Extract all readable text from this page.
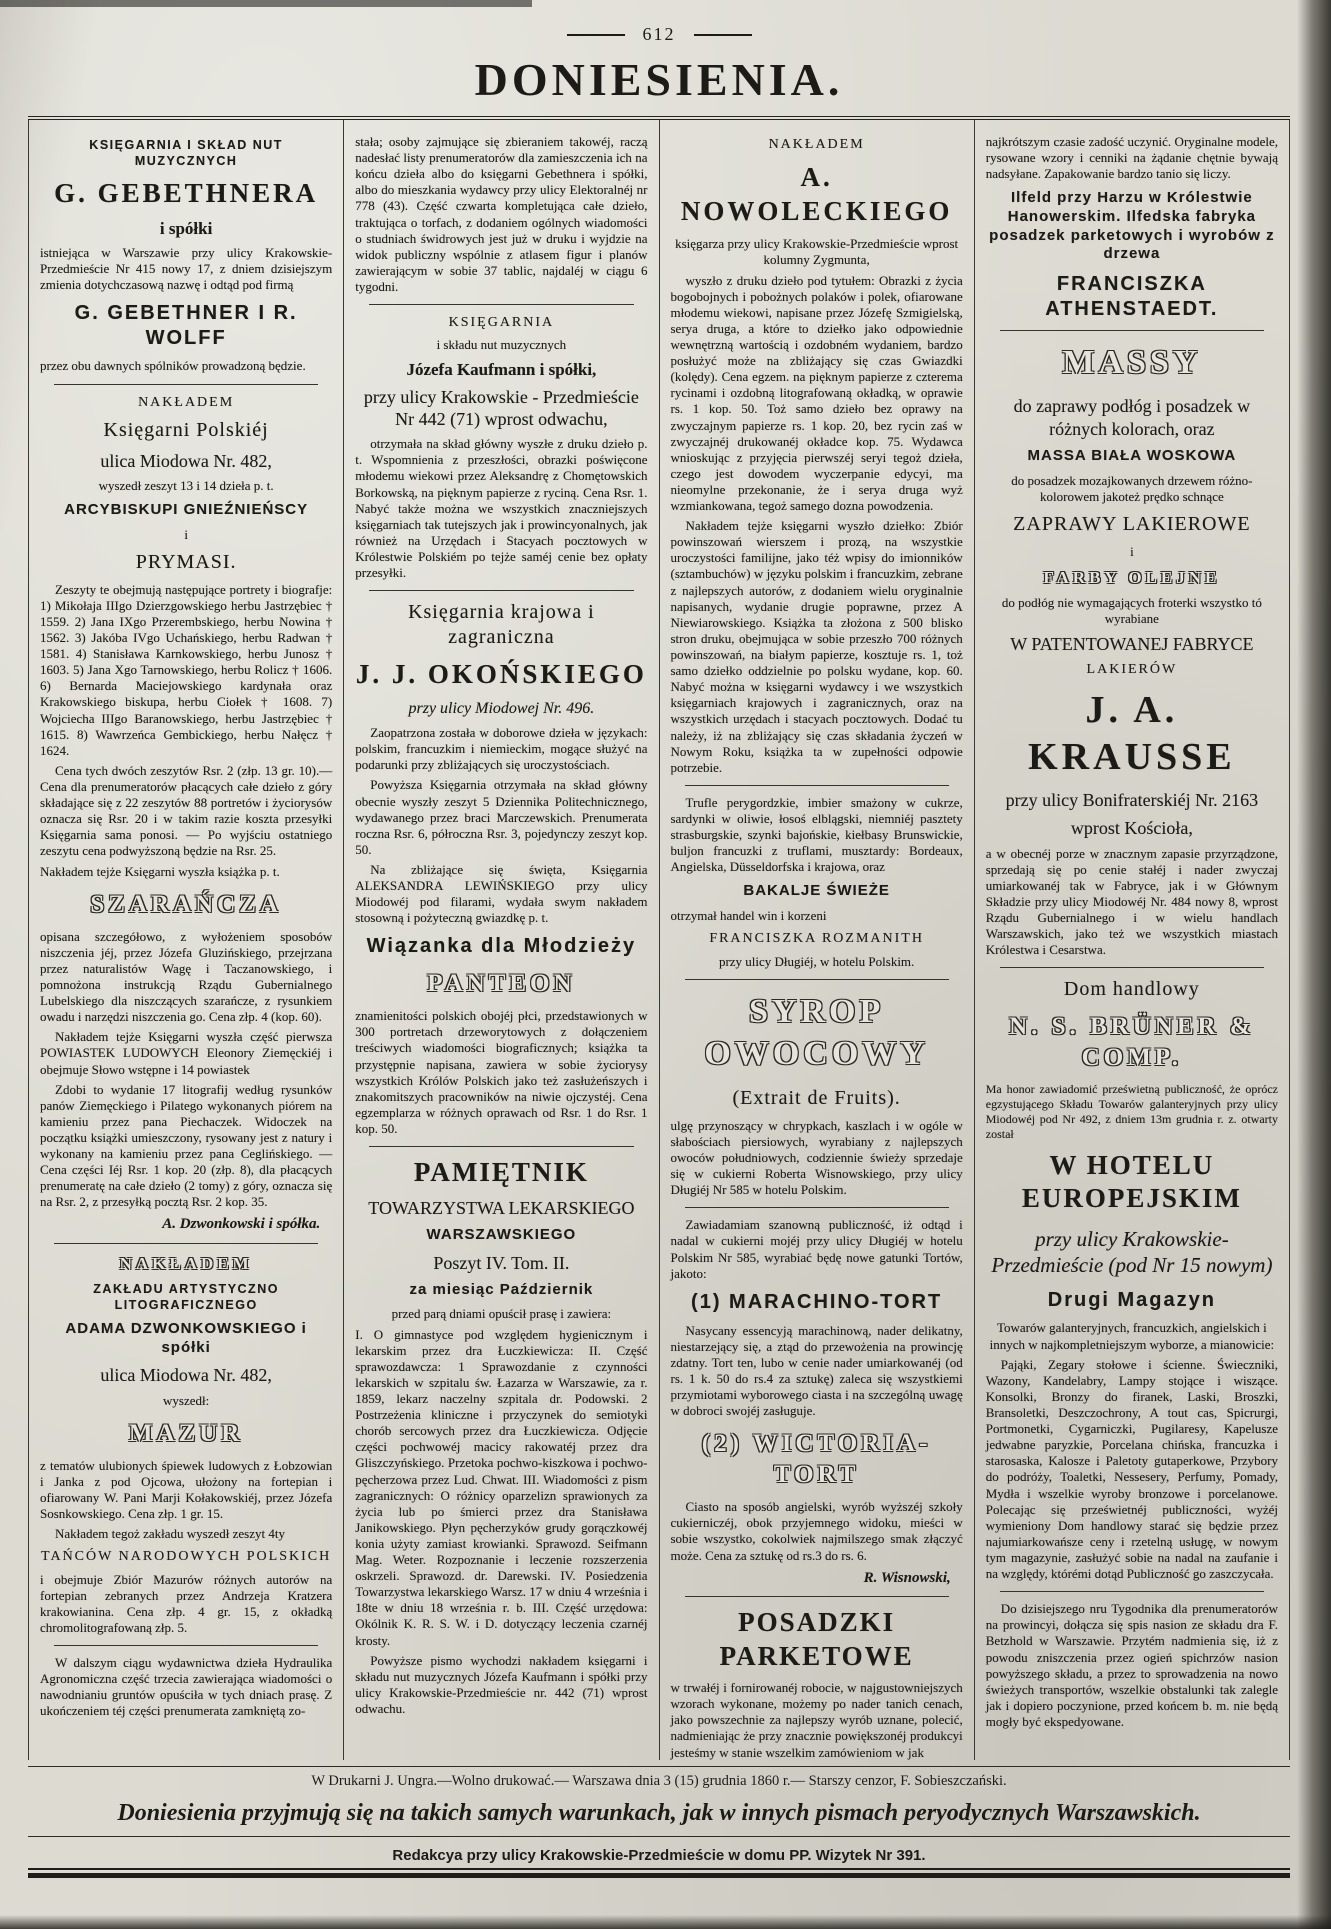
612
DONIESIENIA.
KSIĘGARNIA I SKŁAD NUT MUZYCZNYCH
G. GEBETHNERA
i spółki
istniejąca w Warszawie przy ulicy Krakowskie-Przedmieście Nr 415 nowy 17, z dniem dzisiejszym zmienia dotychczasową nazwę i odtąd pod firmą
G. GEBETHNER I R. WOLFF
przez obu dawnych spólników prowadzoną będzie.
NAKŁADEM
Księgarni Polskiéj
ulica Miodowa Nr. 482,
wyszedł zeszyt 13 i 14 dzieła p. t.
ARCYBISKUPI GNIEŹNIEŃSCY
i
PRYMASI.
Zeszyty te obejmują następujące portrety i biografje: 1) Mikołaja IIIgo Dzierzgowskiego herbu Jastrzębiec † 1559. 2) Jana IXgo Przerembskiego, herbu Nowina † 1562. 3) Jakóba IVgo Uchańskiego, herbu Radwan † 1581. 4) Stanisława Karnkowskiego, herbu Junosz † 1603. 5) Jana Xgo Tarnowskiego, herbu Rolicz † 1606. 6) Bernarda Maciejowskiego kardynała oraz Krakowskiego biskupa, herbu Ciołek † 1608. 7) Wojciecha IIIgo Baranowskiego, herbu Jastrzębiec † 1615. 8) Wawrzeńca Gembickiego, herbu Nałęcz † 1624.
Cena tych dwóch zeszytów Rsr. 2 (złp. 13 gr. 10).—Cena dla prenumeratorów płacących całe dzieło z góry składające się z 22 zeszytów 88 portretów i życiorysów oznacza się Rsr. 20 i w takim razie koszta przesyłki Księgarnia sama ponosi. — Po wyjściu ostatniego zeszytu cena podwyższoną będzie na Rsr. 25.
Nakładem tejże Księgarni wyszła książka p. t.
SZARAŃCZA
opisana szczegółowo, z wyłożeniem sposobów niszczenia jéj, przez Józefa Gluzińskiego, przejrzana przez naturalistów Wagę i Taczanowskiego, i pomnożona instrukcją Rządu Gubernialnego Lubelskiego dla niszczących szarańcze, z rysunkiem owadu i narzędzi niszczenia go. Cena złp. 4 (kop. 60).
Nakładem tejże Księgarni wyszła część pierwsza POWIASTEK LUDOWYCH Eleonory Ziemęckiéj i obejmuje Słowo wstępne i 14 powiastek
Zdobi to wydanie 17 litografij według rysunków panów Ziemęckiego i Pilatego wykonanych piórem na kamieniu przez pana Piechaczek. Widoczek na początku książki umieszczony, rysowany jest z natury i wykonany na kamieniu przez pana Ceglińskiego. — Cena części Iéj Rsr. 1 kop. 20 (złp. 8), dla płacących prenumeratę na całe dzieło (2 tomy) z góry, oznacza się na Rsr. 2, z przesyłką pocztą Rsr. 2 kop. 35.
A. Dzwonkowski i spółka.
NAKŁADEM
ZAKŁADU ARTYSTYCZNO LITOGRAFICZNEGO
ADAMA DZWONKOWSKIEGO i spółki
ulica Miodowa Nr. 482,
wyszedł:
MAZUR
z tematów ulubionych śpiewek ludowych z Łobzowian i Janka z pod Ojcowa, ułożony na fortepian i ofiarowany W. Pani Marji Kołakowskiéj, przez Józefa Sosnkowskiego. Cena złp. 1 gr. 15.
Nakładem tegoż zakładu wyszedł zeszyt 4ty
TAŃCÓW NARODOWYCH POLSKICH
i obejmuje Zbiór Mazurów różnych autorów na fortepian zebranych przez Andrzeja Kratzera krakowianina. Cena złp. 4 gr. 15, z okładką chromolitografowaną złp. 5.
W dalszym ciągu wydawnictwa dzieła Hydraulika Agronomiczna część trzecia zawierająca wiadomości o nawodnianiu gruntów opuściła w tych dniach prasę. Z ukończeniem téj części prenumerata zamkniętą zo-
stała; osoby zajmujące się zbieraniem takowéj, raczą nadesłać listy prenumeratorów dla zamieszczenia ich na końcu dzieła albo do księgarni Gebethnera i spółki, albo do mieszkania wydawcy przy ulicy Elektoralnéj nr 778 (43). Część czwarta kompletująca całe dzieło, traktująca o torfach, z dodaniem ogólnych wiadomości o studniach świdrowych jest już w druku i wyjdzie na widok publiczny wspólnie z atlasem figur i planów zawierającym w sobie 37 tablic, najdaléj w ciągu 6 tygodni.
KSIĘGARNIA
i składu nut muzycznych
Józefa Kaufmann i spółki,
przy ulicy Krakowskie - Przedmieście Nr 442 (71) wprost odwachu,
otrzymała na skład główny wyszłe z druku dzieło p. t. Wspomnienia z przeszłości, obrazki poświęcone młodemu wiekowi przez Aleksandrę z Chomętowskich Borkowską, na pięknym papierze z ryciną. Cena Rsr. 1. Nabyć także można we wszystkich znaczniejszych księgarniach tak tutejszych jak i prowincyonalnych, jak również na Urzędach i Stacyach pocztowych w Królestwie Polskiém po tejże saméj cenie bez opłaty przesyłki.
Księgarnia krajowa i zagraniczna
J. J. OKOŃSKIEGO
przy ulicy Miodowej Nr. 496.
Zaopatrzona została w doborowe dzieła w językach: polskim, francuzkim i niemieckim, mogące służyć na podarunki przy zbliżających się uroczystościach.
Powyższa Księgarnia otrzymała na skład główny obecnie wyszły zeszyt 5 Dziennika Politechnicznego, wydawanego przez braci Marczewskich. Prenumerata roczna Rsr. 6, półroczna Rsr. 3, pojedynczy zeszyt kop. 50.
Na zbliżające się święta, Księgarnia ALEKSANDRA LEWIŃSKIEGO przy ulicy Miodowéj pod filarami, wydała swym nakładem stosowną i pożyteczną gwiazdkę p. t.
Wiązanka dla Młodzieży
PANTEON
znamienitości polskich obojéj płci, przedstawionych w 300 portretach drzeworytowych z dołączeniem treściwych wiadomości biograficznych; książka ta przystępnie napisana, zawiera w sobie życiorysy wszystkich Królów Polskich jako też zasłużeńszych i znakomitszych pracowników na niwie ojczystéj. Cena egzemplarza w różnych oprawach od Rsr. 1 do Rsr. 1 kop. 50.
PAMIĘTNIK
TOWARZYSTWA LEKARSKIEGO
WARSZAWSKIEGO
Poszyt IV. Tom. II.
za miesiąc Październik
przed parą dniami opuścił prasę i zawiera:
I. O gimnastyce pod względem hygienicznym i lekarskim przez dra Łuczkiewicza: II. Część sprawozdawcza: 1 Sprawozdanie z czynności lekarskich w szpitalu św. Łazarza w Warszawie, za r. 1859, lekarz naczelny szpitala dr. Podowski. 2 Postrzeżenia kliniczne i przyczynek do semiotyki chorób sercowych przez dra Łuczkiewicza. Odjęcie części pochwowéj macicy rakowatéj przez dra Gliszczyńskiego. Przetoka pochwo-kiszkowa i pochwo-pęcherzowa przez Lud. Chwat. III. Wiadomości z pism zagranicznych: O różnicy oparzelizn sprawionych za życia lub po śmierci przez dra Stanisława Janikowskiego. Płyn pęcherzyków grudy gorączkowéj konia użyty zamiast krowianki. Sprawozd. Seifmann Mag. Weter. Rozpoznanie i leczenie rozszerzenia oskrzeli. Sprawozd. dr. Darewski. IV. Posiedzenia Towarzystwa lekarskiego Warsz. 17 w dniu 4 września i 18te w dniu 18 września r. b. III. Część urzędowa: Okólnik K. R. S. W. i D. dotyczący leczenia czarnéj krosty.
Powyższe pismo wychodzi nakładem księgarni i składu nut muzycznych Józefa Kaufmann i spółki przy ulicy Krakowskie-Przedmieście nr. 442 (71) wprost odwachu.
NAKŁADEM
A. NOWOLECKIEGO
księgarza przy ulicy Krakowskie-Przedmieście wprost kolumny Zygmunta,
wyszło z druku dzieło pod tytułem: Obrazki z życia bogobojnych i pobożnych polaków i polek, ofiarowane młodemu wiekowi, napisane przez Józefę Szmigielską, serya druga, a które to dziełko jako odpowiednie wewnętrzną wartością i ozdobném wydaniem, bardzo posłużyć może na zbliżający się czas Gwiazdki (kolędy). Cena egzem. na pięknym papierze z czterema rycinami i ozdobną litografowaną okładką, w oprawie rs. 1 kop. 50. Toż samo dzieło bez oprawy na zwyczajnym papierze rs. 1 kop. 20, bez rycin zaś w zwyczajnéj drukowanéj okładce kop. 75. Wydawca wnioskując z przyjęcia pierwszéj seryi tegoż dzieła, czego jest dowodem wyczerpanie edycyi, ma nieomylne przekonanie, że i serya druga wyż wzmiankowana, tegoż samego dozna powodzenia.
Nakładem tejże księgarni wyszło dziełko: Zbiór powinszowań wierszem i prozą, na wszystkie uroczystości familijne, jako téż wpisy do imionników (sztambuchów) w języku polskim i francuzkim, zebrane z najlepszych autorów, z dodaniem wielu oryginalnie napisanych, wydanie drugie poprawne, przez A Niewiarowskiego. Książka ta złożona z 500 blisko stron druku, obejmująca w sobie przeszło 700 różnych powinszowań, na białym papierze, kosztuje rs. 1, toż samo dziełko oddzielnie po polsku wydane, kop. 60. Nabyć można w księgarni wydawcy i we wszystkich księgarniach krajowych i zagranicznych, oraz na wszystkich urzędach i stacyach pocztowych. Dodać tu należy, iż na zbliżający się czas składania życzeń w Nowym Roku, książka ta w zupełności odpowie potrzebie.
Trufle perygordzkie, imbier smażony w cukrze, sardynki w oliwie, łosoś elblągski, niemniéj pasztety strasburgskie, szynki bajońskie, kiełbasy Brunswickie, buljon francuzki z truflami, musztardy: Bordeaux, Angielska, Düsseldorfska i krajowa, oraz
BAKALJE ŚWIEŻE
otrzymał handel win i korzeni
FRANCISZKA ROZMANITH
przy ulicy Długiéj, w hotelu Polskim.
SYROP OWOCOWY
(Extrait de Fruits).
ulgę przynoszący w chrypkach, kaszlach i w ogóle w słabościach piersiowych, wyrabiany z najlepszych owoców południowych, codziennie świeży sprzedaje się w cukierni Roberta Wisnowskiego, przy ulicy Długiéj Nr 585 w hotelu Polskim.
Zawiadamiam szanowną publiczność, iż odtąd i nadal w cukierni mojéj przy ulicy Długiéj w hotelu Polskim Nr 585, wyrabiać będę nowe gatunki Tortów, jakoto:
(1) MARACHINO-TORT
Nasycany essencyją marachinową, nader delikatny, niestarzejący się, a ztąd do przewożenia na prowincję zdatny. Tort ten, lubo w cenie nader umiarkowanéj (od rs. 1 k. 50 do rs.4 za sztukę) zaleca się wszystkiemi przymiotami wyborowego ciasta i na szczególną uwagę w dobroci swojéj zasługuje.
(2) WICTORIA-TORT
Ciasto na sposób angielski, wyrób wyższéj szkoły cukierniczéj, obok przyjemnego widoku, mieści w sobie wszystko, cokolwiek najmilszego smak złączyć może. Cena za sztukę od rs.3 do rs. 6.
R. Wisnowski,
POSADZKI PARKETOWE
w trwałéj i fornirowanéj robocie, w najgustowniejszych wzorach wykonane, możemy po nader tanich cenach, jako powszechnie za najlepszy wyrób uznane, polecić, nadmieniając że przy znacznie powiększonéj produkcyi jesteśmy w stanie wszelkim zamówieniom w jak
najkrótszym czasie zadość uczynić. Oryginalne modele, rysowane wzory i cenniki na żądanie chętnie bywają nadsyłane. Zapakowanie bardzo tanio się liczy.
Ilfeld przy Harzu w Królestwie Hanowerskim. Ilfedska fabryka posadzek parketowych i wyrobów z drzewa
FRANCISZKA ATHENSTAEDT.
MASSY
do zaprawy podłóg i posadzek w różnych kolorach, oraz
MASSA BIAŁA WOSKOWA
do posadzek mozajkowanych drzewem różno-kolorowem jakoteż prędko schnące
ZAPRAWY LAKIEROWE
i
FARBY OLEJNE
do podłóg nie wymagających froterki wszystko tó wyrabiane
W PATENTOWANEJ FABRYCE
LAKIERÓW
J. A. KRAUSSE
przy ulicy Bonifraterskiéj Nr. 2163
wprost Kościoła,
a w obecnéj porze w znacznym zapasie przyrządzone, sprzedają się po cenie stałéj i nader zwyczaj umiarkowanéj tak w Fabryce, jak i w Głównym Składzie przy ulicy Miodowéj Nr. 484 nowy 8, wprost Rządu Gubernialnego i w wielu handlach Warszawskich, jako też we wszystkich miastach Królestwa i Cesarstwa.
Dom handlowy
N. S. BRÜNER & COMP.
Ma honor zawiadomić prześwietną publiczność, że oprócz egzystującego Składu Towarów galanteryjnych przy ulicy Miodowéj pod Nr 492, z dniem 13m grudnia r. z. otwarty został
W HOTELU EUROPEJSKIM
przy ulicy Krakowskie-Przedmieście (pod Nr 15 nowym)
Drugi Magazyn
Towarów galanteryjnych, francuzkich, angielskich i innych w najkompletniejszym wyborze, a mianowicie:
Pająki, Zegary stołowe i ścienne. Świeczniki, Wazony, Kandelabry, Lampy stojące i wiszące. Konsolki, Bronzy do firanek, Laski, Broszki, Bransoletki, Deszczochrony, A tout cas, Spicrurgi, Portmonetki, Cygarniczki, Pugilaresy, Kapelusze jedwabne paryzkie, Porcelana chińska, francuzka i starosaska, Kalosze i Paletoty gutaperkowe, Przybory do podróży, Toaletki, Nessesery, Perfumy, Pomady, Mydła i wszelkie wyroby bronzowe i porcelanowe. Polecając się prześwietnéj publiczności, wyżéj wymieniony Dom handlowy starać się będzie przez najumiarkowańsze ceny i rzetelną usługę, w nowym tym magazynie, zasłużyć sobie na nadal na zaufanie i na względy, którémi dotąd Publiczność go zaszczycała.
Do dzisiejszego nru Tygodnika dla prenumeratorów na prowincyi, dołącza się spis nasion ze składu dra F. Betzhold w Warszawie. Przytém nadmienia się, iż z powodu zniszczenia przez ogień spichrzów nasion powyższego składu, a przez to sprowadzenia na nowo świeżych transportów, wszelkie obstalunki tak zalegle jak i dopiero poczynione, przed końcem b. m. nie będą mogły być ekspedyowane.
W Drukarni J. Ungra.—Wolno drukować.— Warszawa dnia 3 (15) grudnia 1860 r.— Starszy cenzor, F. Sobieszczański.
Doniesienia przyjmują się na takich samych warunkach, jak w innych pismach peryodycznych Warszawskich.
Redakcya przy ulicy Krakowskie-Przedmieście w domu PP. Wizytek Nr 391.
